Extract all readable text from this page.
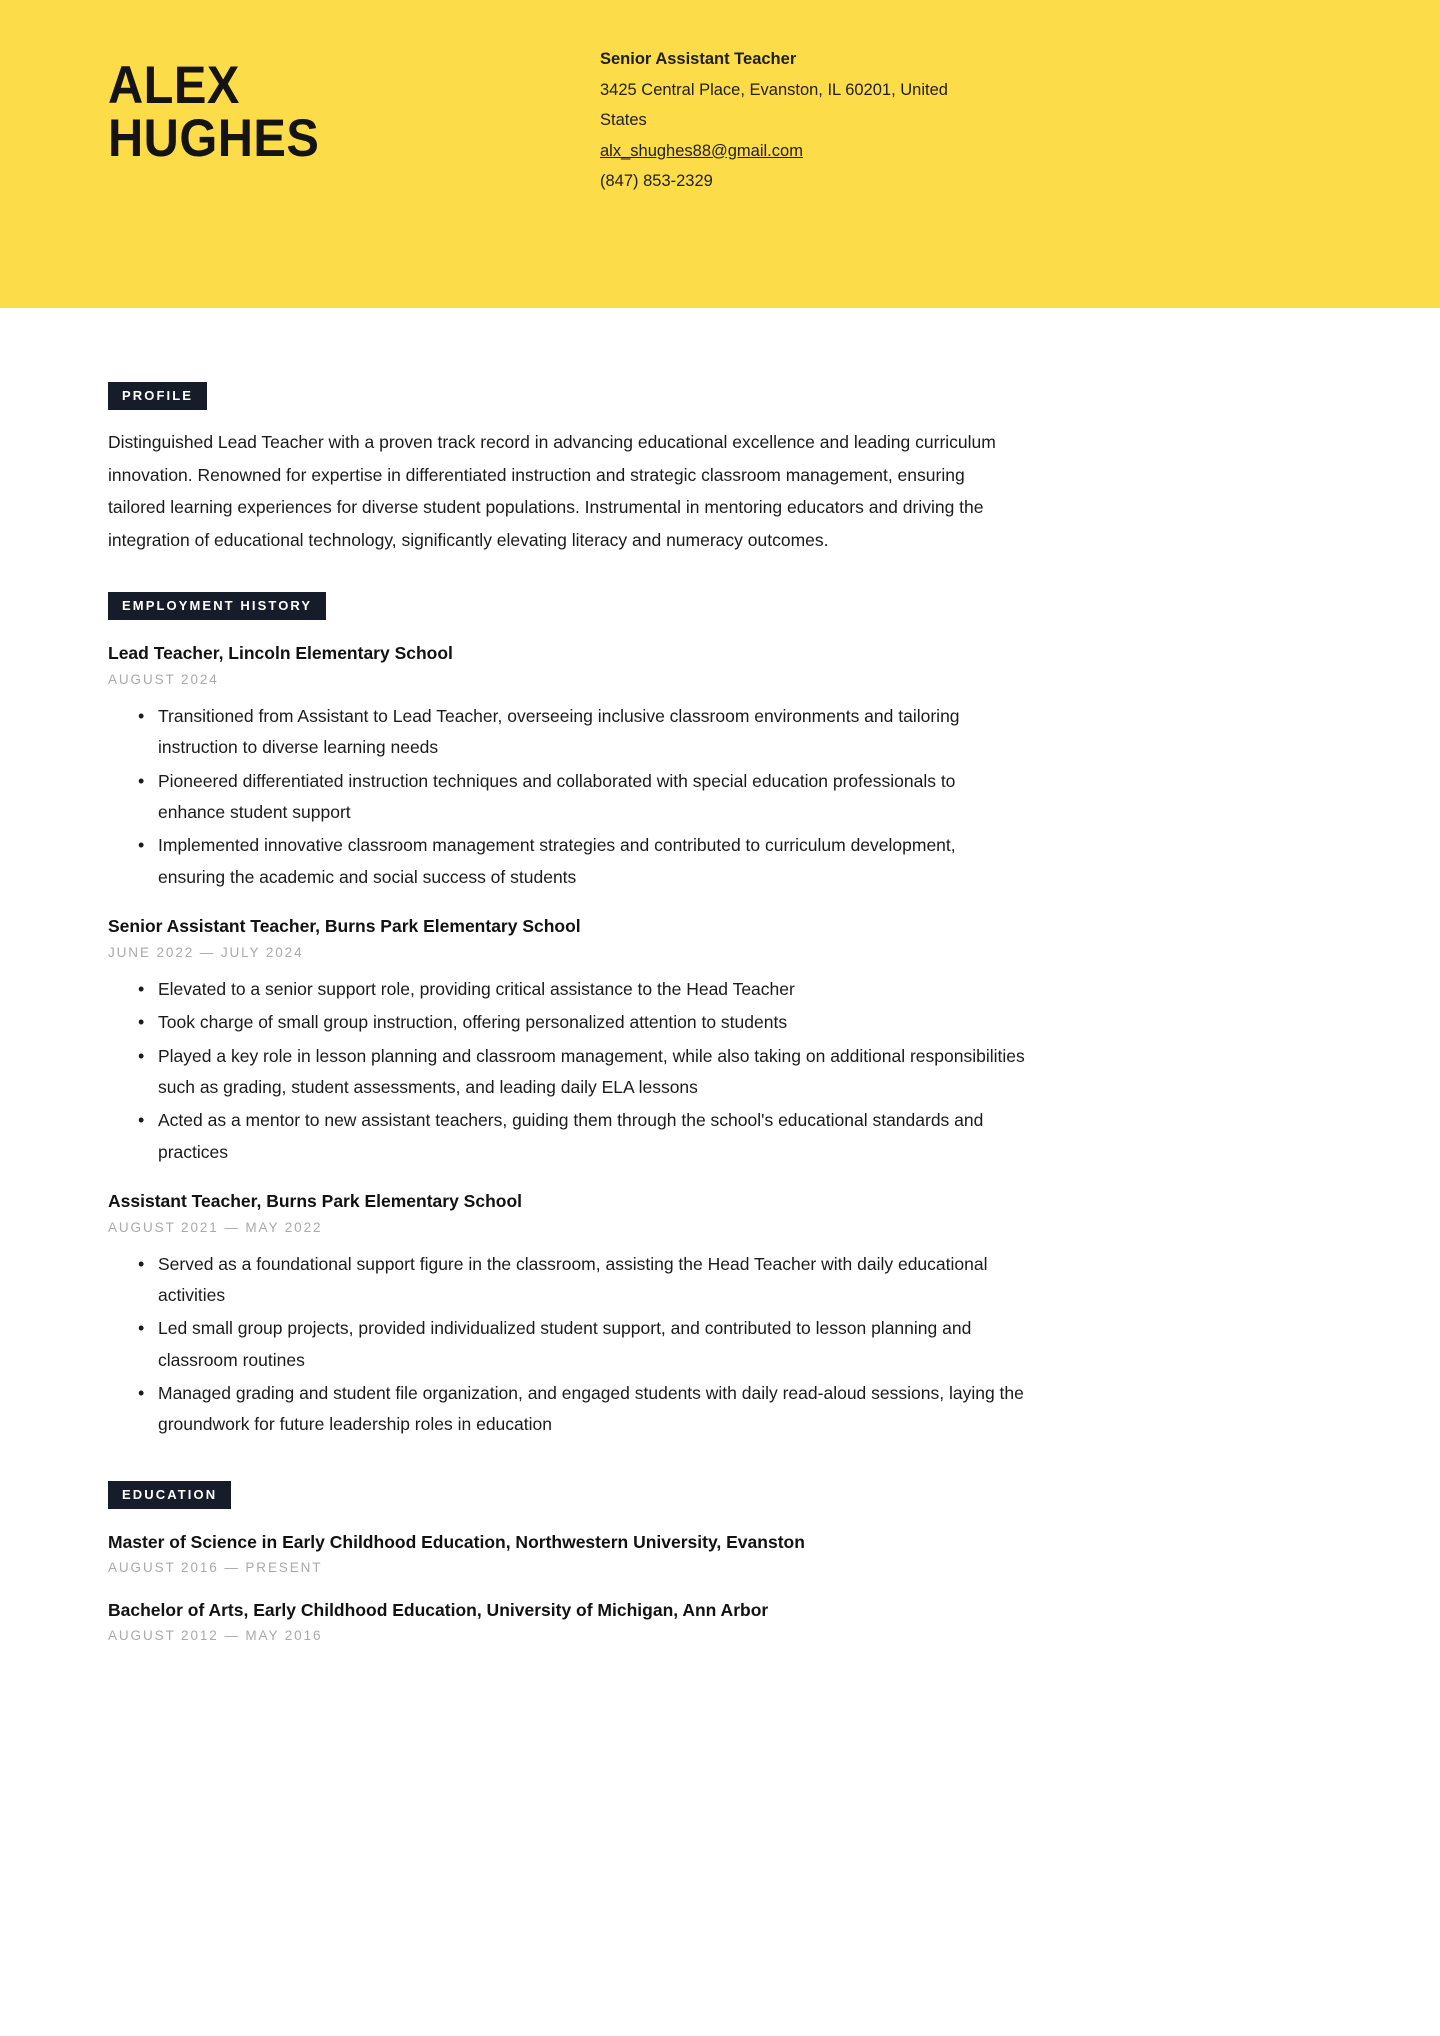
ALEX
HUGHES
Senior Assistant Teacher
3425 Central Place, Evanston, IL 60201, United
States
alx_shughes88@gmail.com
(847) 853-2329
PROFILE

Distinguished Lead Teacher with a proven track record in advancing educational excellence and leading curriculum innovation. Renowned for expertise in differentiated instruction and strategic classroom management, ensuring tailored learning experiences for diverse student populations. Instrumental in mentoring educators and driving the integration of educational technology, significantly elevating literacy and numeracy outcomes.

EMPLOYMENT HISTORY
Lead Teacher, Lincoln Elementary School
AUGUST 2024
• Transitioned from Assistant to Lead Teacher, overseeing inclusive classroom environments and tailoring instruction to diverse learning needs
• Pioneered differentiated instruction techniques and collaborated with special education professionals to enhance student support
• Implemented innovative classroom management strategies and contributed to curriculum development, ensuring the academic and social success of students
Senior Assistant Teacher, Burns Park Elementary School
JUNE 2022 — JULY 2024
• Elevated to a senior support role, providing critical assistance to the Head Teacher
• Took charge of small group instruction, offering personalized attention to students
• Played a key role in lesson planning and classroom management, while also taking on additional responsibilities such as grading, student assessments, and leading daily ELA lessons
• Acted as a mentor to new assistant teachers, guiding them through the school's educational standards and practices
Assistant Teacher, Burns Park Elementary School
AUGUST 2021 — MAY 2022
• Served as a foundational support figure in the classroom, assisting the Head Teacher with daily educational activities
• Led small group projects, provided individualized student support, and contributed to lesson planning and classroom routines
• Managed grading and student file organization, and engaged students with daily read-aloud sessions, laying the groundwork for future leadership roles in education
EDUCATION
Master of Science in Early Childhood Education, Northwestern University, Evanston
AUGUST 2016 — PRESENT
Bachelor of Arts, Early Childhood Education, University of Michigan, Ann Arbor
AUGUST 2012 — MAY 2016
